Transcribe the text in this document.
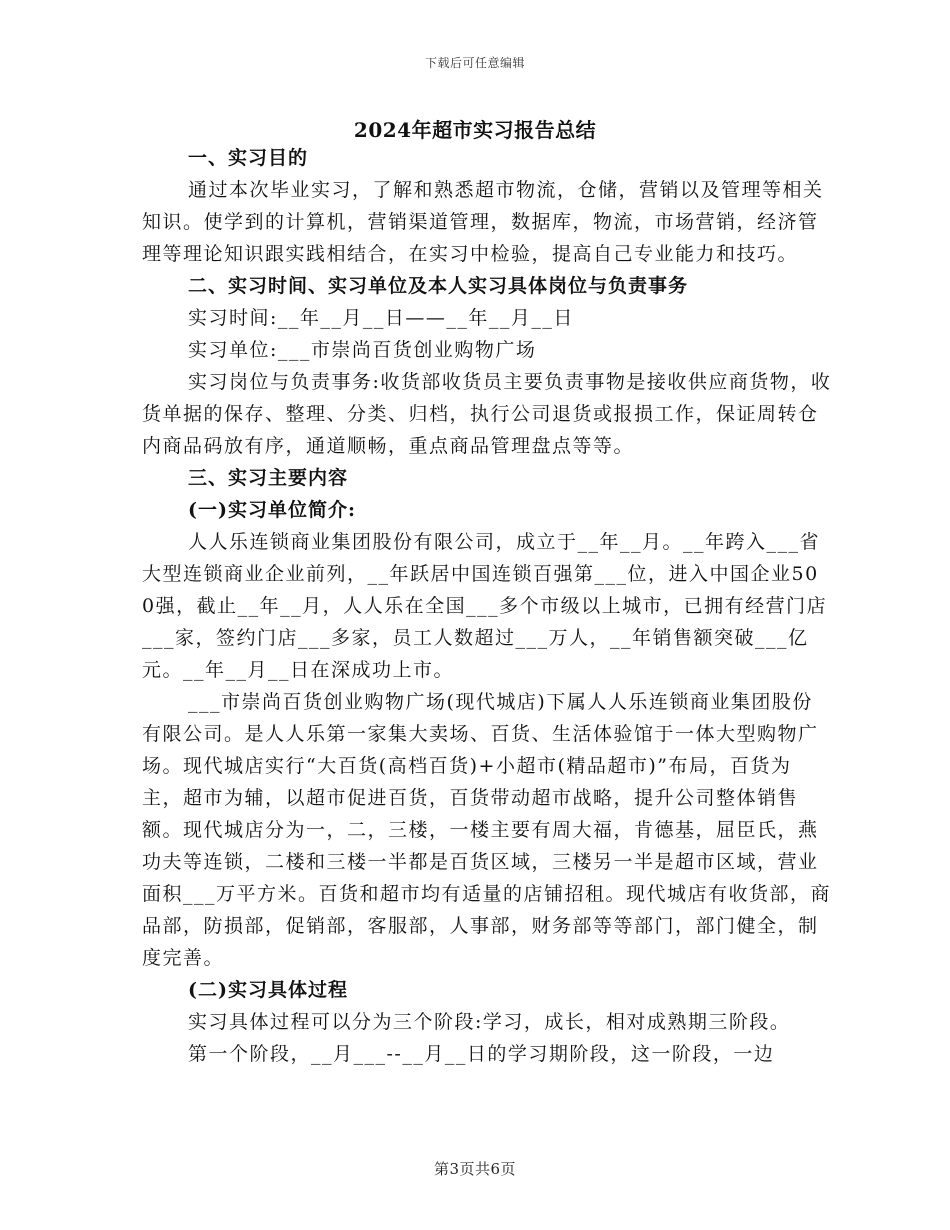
下载后可任意编辑
2024年超市实习报告总结
一、实习目的

通过本次毕业实习，了解和熟悉超市物流，仓储，营销以及管理等相关知识。使学到的计算机，营销渠道管理，数据库，物流，市场营销，经济管理等理论知识跟实践相结合，在实习中检验，提高自己专业能力和技巧。

二、实习时间、实习单位及本人实习具体岗位与负责事务

实习时间:__年__月__日——__年__月__日

实习单位:___市崇尚百货创业购物广场

实习岗位与负责事务:收货部收货员主要负责事物是接收供应商货物，收货单据的保存、整理、分类、归档，执行公司退货或报损工作，保证周转仓内商品码放有序，通道顺畅，重点商品管理盘点等等。

三、实习主要内容
(一)实习单位简介:

人人乐连锁商业集团股份有限公司，成立于__年__月。__年跨入___省大型连锁商业企业前列，__年跃居中国连锁百强第___位，进入中国企业500强，截止__年__月，人人乐在全国___多个市级以上城市，已拥有经营门店___家，签约门店___多家，员工人数超过___万人，__年销售额突破___亿元。__年__月__日在深成功上市。

___市崇尚百货创业购物广场(现代城店)下属人人乐连锁商业集团股份有限公司。是人人乐第一家集大卖场、百货、生活体验馆于一体大型购物广场。现代城店实行“大百货(高档百货)+小超市(精品超市)”布局，百货为主，超市为辅，以超市促进百货，百货带动超市战略，提升公司整体销售额。现代城店分为一，二，三楼，一楼主要有周大福，肯德基，屈臣氏，燕功夫等连锁，二楼和三楼一半都是百货区域，三楼另一半是超市区域，营业面积___万平方米。百货和超市均有适量的店铺招租。现代城店有收货部，商品部，防损部，促销部，客服部，人事部，财务部等等部门，部门健全，制度完善。

(二)实习具体过程

实习具体过程可以分为三个阶段:学习，成长，相对成熟期三阶段。

第一个阶段，__月___--__月__日的学习期阶段，这一阶段，一边

第3页共6页
